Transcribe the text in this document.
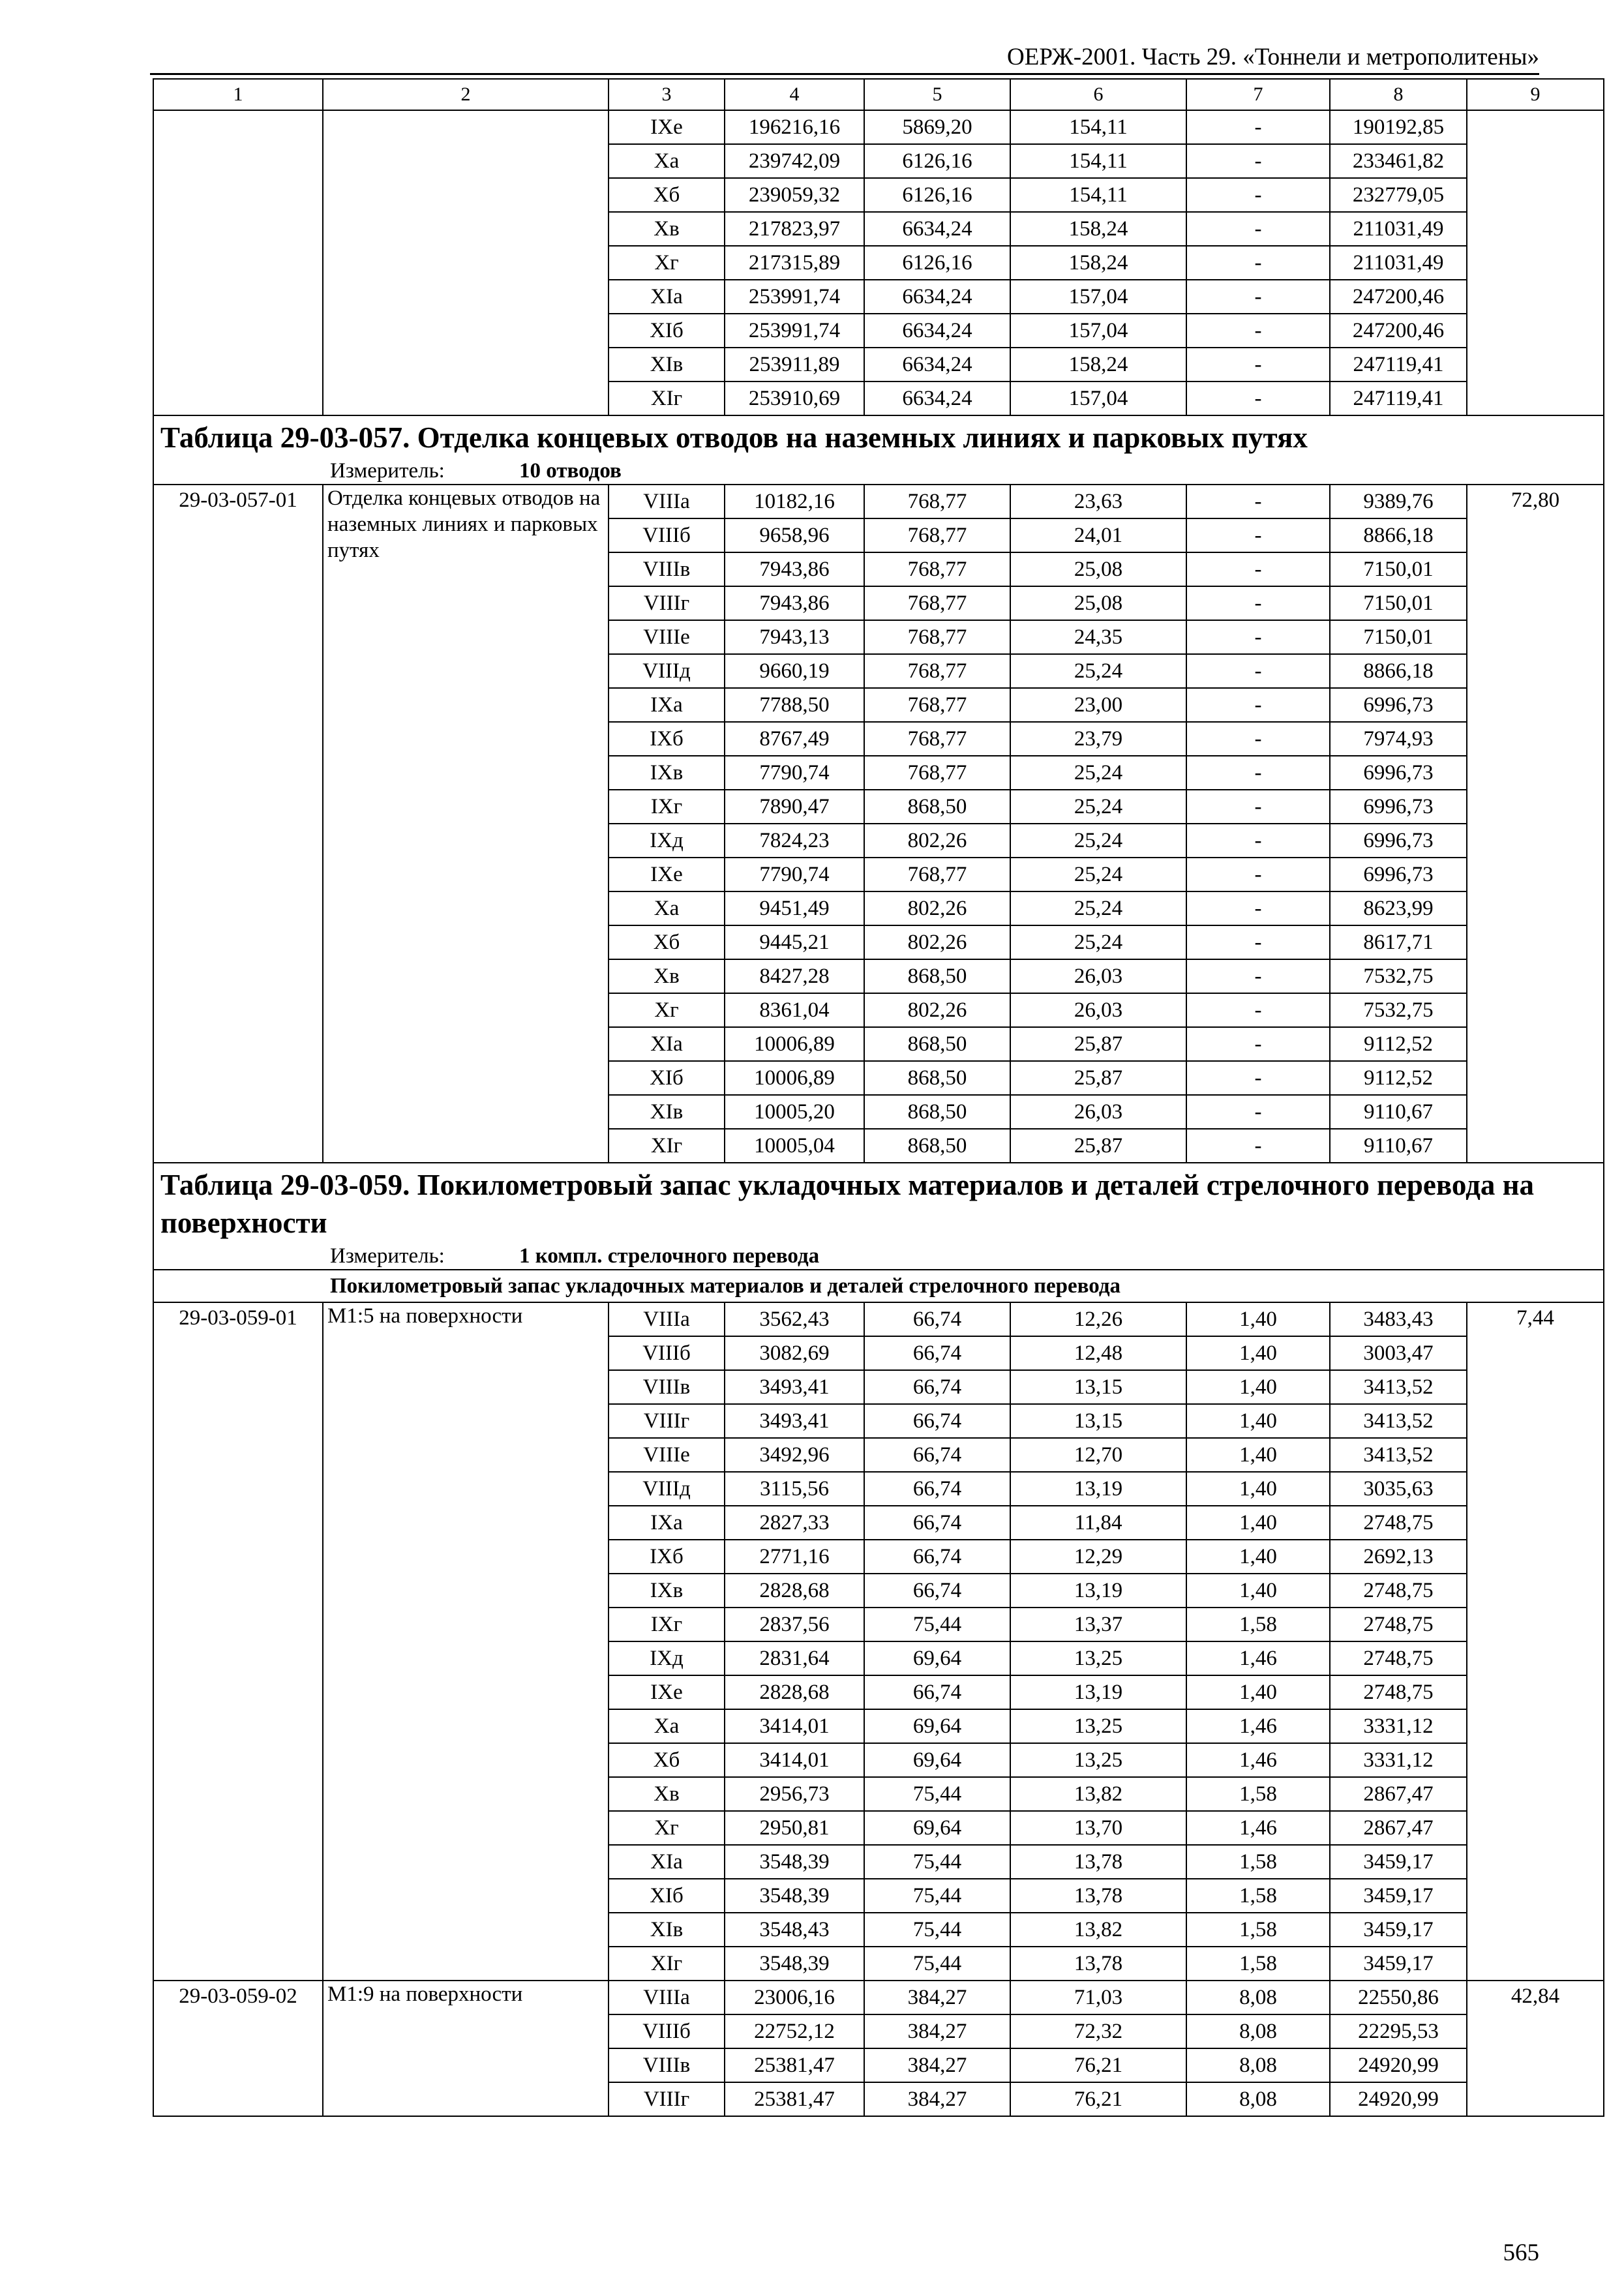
ОЕРЖ-2001. Часть 29. «Тоннели и метрополитены»
1	2	3	4	5	6	7	8	9
		IXе	196216,16	5869,20	154,11	-	190192,85	
		Xа	239742,09	6126,16	154,11	-	233461,82	
		Xб	239059,32	6126,16	154,11	-	232779,05	
		Xв	217823,97	6634,24	158,24	-	211031,49	
		Xг	217315,89	6126,16	158,24	-	211031,49	
		XIа	253991,74	6634,24	157,04	-	247200,46	
		XIб	253991,74	6634,24	157,04	-	247200,46	
		XIв	253911,89	6634,24	158,24	-	247119,41	
		XIг	253910,69	6634,24	157,04	-	247119,41	
Таблица 29-03-057. Отделка концевых отводов на наземных линиях и парковых путях								
Измеритель: 10 отводов								
29-03-057-01	Отделка концевых отводов на наземных линиях и парковых путях	VIIIа	10182,16	768,77	23,63	-	9389,76	72,80
		VIIIб	9658,96	768,77	24,01	-	8866,18	
		VIIIв	7943,86	768,77	25,08	-	7150,01	
		VIIIг	7943,86	768,77	25,08	-	7150,01	
		VIIIе	7943,13	768,77	24,35	-	7150,01	
		VIIIд	9660,19	768,77	25,24	-	8866,18	
		IXа	7788,50	768,77	23,00	-	6996,73	
		IXб	8767,49	768,77	23,79	-	7974,93	
		IXв	7790,74	768,77	25,24	-	6996,73	
		IXг	7890,47	868,50	25,24	-	6996,73	
		IXд	7824,23	802,26	25,24	-	6996,73	
		IXе	7790,74	768,77	25,24	-	6996,73	
		Xа	9451,49	802,26	25,24	-	8623,99	
		Xб	9445,21	802,26	25,24	-	8617,71	
		Xв	8427,28	868,50	26,03	-	7532,75	
		Xг	8361,04	802,26	26,03	-	7532,75	
		XIа	10006,89	868,50	25,87	-	9112,52	
		XIб	10006,89	868,50	25,87	-	9112,52	
		XIв	10005,20	868,50	26,03	-	9110,67	
		XIг	10005,04	868,50	25,87	-	9110,67	
Таблица 29-03-059. Покилометровый запас укладочных материалов и деталей стрелочного перевода на поверхности								
Измеритель: 1 компл. стрелочного перевода								
Покилометровый запас укладочных материалов и деталей стрелочного перевода								
29-03-059-01	M1:5 на поверхности	VIIIа	3562,43	66,74	12,26	1,40	3483,43	7,44
		VIIIб	3082,69	66,74	12,48	1,40	3003,47	
		VIIIв	3493,41	66,74	13,15	1,40	3413,52	
		VIIIг	3493,41	66,74	13,15	1,40	3413,52	
		VIIIе	3492,96	66,74	12,70	1,40	3413,52	
		VIIIд	3115,56	66,74	13,19	1,40	3035,63	
		IXа	2827,33	66,74	11,84	1,40	2748,75	
		IXб	2771,16	66,74	12,29	1,40	2692,13	
		IXв	2828,68	66,74	13,19	1,40	2748,75	
		IXг	2837,56	75,44	13,37	1,58	2748,75	
		IXд	2831,64	69,64	13,25	1,46	2748,75	
		IXе	2828,68	66,74	13,19	1,40	2748,75	
		Xа	3414,01	69,64	13,25	1,46	3331,12	
		Xб	3414,01	69,64	13,25	1,46	3331,12	
		Xв	2956,73	75,44	13,82	1,58	2867,47	
		Xг	2950,81	69,64	13,70	1,46	2867,47	
		XIа	3548,39	75,44	13,78	1,58	3459,17	
		XIб	3548,39	75,44	13,78	1,58	3459,17	
		XIв	3548,43	75,44	13,82	1,58	3459,17	
		XIг	3548,39	75,44	13,78	1,58	3459,17	
29-03-059-02	M1:9 на поверхности	VIIIа	23006,16	384,27	71,03	8,08	22550,86	42,84
		VIIIб	22752,12	384,27	72,32	8,08	22295,53	
		VIIIв	25381,47	384,27	76,21	8,08	24920,99	
		VIIIг	25381,47	384,27	76,21	8,08	24920,99	
565
